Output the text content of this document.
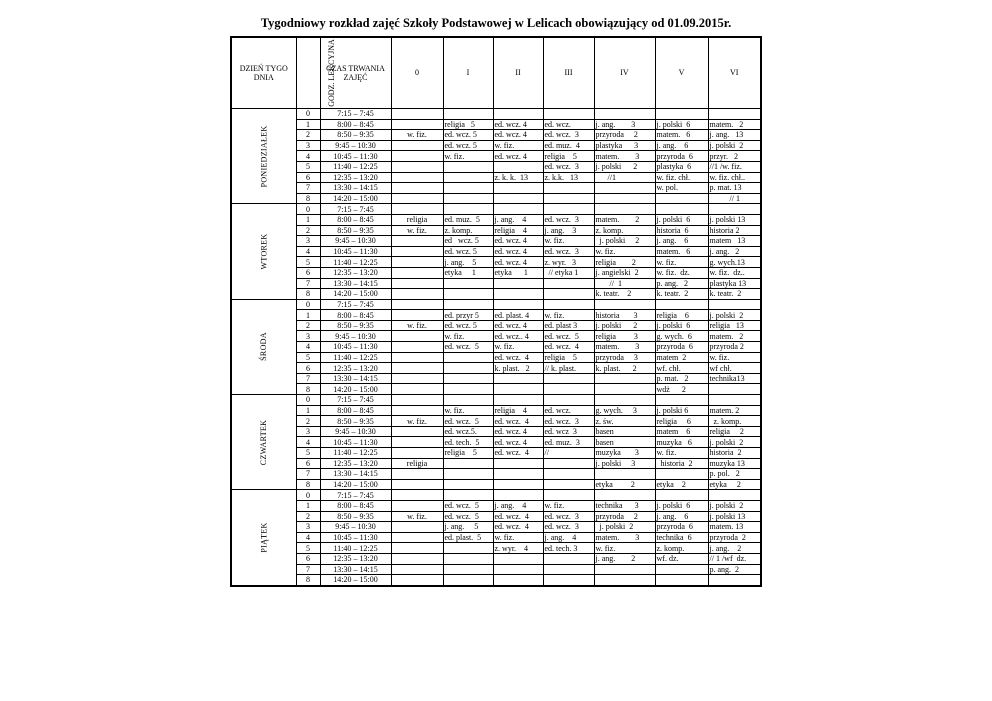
Tygodniowy rozkład zajęć Szkoły Podstawowej w Lelicach obowiązujący od 01.09.2015r.
DZIEŃ TYGO DNIA	GODZ. LEKCYJNA	CZAS TRWANIA ZAJĘĆ	0	I	II	III	IV	V	VI
PONIEDZIAŁEK	0	7:15 – 7:45							
	1	8:00 – 8:45		religia   5	ed. wcz. 4	ed. wcz.	j. ang.        3	j. polski  6	matem.   2
	2	8:50 – 9:35	w. fiz.	ed. wcz. 5	ed. wcz. 4	ed. wcz.  3	przyroda     2	matem.   6	j. ang.   13
	3	9:45 – 10:30		ed. wcz. 5	w. fiz.	ed. muz.  4	plastyka      3	j. ang.    6	j. polski  2
	4	10:45 – 11:30		w. fiz.	ed. wcz. 4	religia    5	matem.        3	przyroda  6	przyr.   2
	5	11:40 – 12:25				ed. wcz.  3	j. polski      2	plastyka  6	//1 /w. fiz.
	6	12:35 – 13:20			z. k. k.  13	z. k.k.   13	//1	w. fiz. chł.	w. fiz. chł..
	7	13:30 – 14:15						w. pol.	p. mat. 13
	8	14:20 – 15:00							// 1
WTOREK	0	7:15 – 7:45							
	1	8:00 – 8:45	religia	ed. muz.  5	j. ang.    4	ed. wcz.  3	matem.        2	j. polski  6	j. polski 13
	2	8:50 – 9:35	w. fiz.	z. komp.	religia    4	j. ang.    3	z. komp.	historia  6	historia 2
	3	9:45 – 10:30		ed   wcz. 5	ed. wcz. 4	w. fiz.	j. polski     2	j. ang.    6	matem   13
	4	10:45 – 11:30		ed. wcz. 5	ed. wcz. 4	ed. wcz.  3	w. fiz.	matem.   6	j. ang.   2
	5	11:40 – 12:25		j. ang.    5	ed. wcz. 4	z. wyr.   3	religia        2	w. fiz.	g. wych.13
	6	12:35 – 13:20		etyka     1	etyka      1	// etyka 1	j. angielski  2	w. fiz.  dz.	w. fiz.  dz..
	7	13:30 – 14:15					//  1	p. ang.   2	plastyka 13
	8	14:20 – 15:00					k. teatr.    2	k. teatr.  2	k. teatr.  2
ŚRODA	0	7:15 – 7:45							
	1	8:00 – 8:45		ed. przyr 5	ed. plast. 4	w. fiz.	historia       3	religia    6	j. polski  2
	2	8:50 – 9:35	w. fiz.	ed. wcz. 5	ed. wcz. 4	ed. plast 3	j. polski      2	j. polski  6	religia   13
	3	9:45 – 10:30		w. fiz.	ed. wcz.. 4	ed. wcz.  5	religia         3	g. wych.  6	matem.   2
	4	10:45 – 11:30		ed. wcz.  5	w. fiz.	ed. wcz.  4	matem.        3	przyroda  6	przyroda 2
	5	11:40 – 12:25			ed. wcz.  4	religia    5	przyroda     3	matem  2	w. fiz.
	6	12:35 – 13:20			k. plast.   2	// k. plast.	k. plast.      2	wf. chł.	wf chł.
	7	13:30 – 14:15						p. mat.   2	technika13
	8	14:20 – 15:00						wdż      2	
CZWARTEK	0	7:15 – 7:45							
	1	8:00 – 8:45		w. fiz.	religia    4	ed. wcz.	g. wych.     3	j. polski 6	matem. 2
	2	8:50 – 9:35	w. fiz.	ed. wcz.  5	ed. wcz.  4	ed. wcz.  3	z. św.	religia     6	z. komp.
	3	9:45 – 10:30		ed. wcz.5.	ed. wcz. 4	ed. wcz  3	basen	matem    6	religia     2
	4	10:45 – 11:30		ed. tech.  5	ed. wcz. 4	ed. muz.  3	basen	muzyka   6	j. polski  2
	5	11:40 – 12:25		religia    5	ed. wcz.  4	//	muzyka       3	w. fiz.	historia  2
	6	12:35 – 13:20	religia				j. polski     3	historia  2	muzyka 13
	7	13:30 – 14:15							p. pol.   2
	8	14:20 – 15:00					etyka         2	etyka    2	etyka     2
PIĄTEK	0	7:15 – 7:45							
	1	8:00 – 8:45		ed. wcz.  5	j. ang.    4	w. fiz.	technika      3	j. polski  6	j. polski  2
	2	8:50 – 9:35	w. fiz.	ed. wcz.  5	ed. wcz.  4	ed. wcz.  3	przyroda     2	j. ang.    6	j. polski 13
	3	9:45 – 10:30		j. ang.     5	ed. wcz.  4	ed. wcz.  3	j. polski  2	przyroda  6	matem. 13
	4	10:45 – 11:30		ed. plast.  5	w. fiz.	j. ang.    4	matem.        3	technika  6	przyroda  2
	5	11:40 – 12:25			z. wyr.    4	ed. tech. 3	w. fiz.	z. komp.	j. ang.    2
	6	12:35 – 13:20					j. ang.        2	wf. dz.	// 1 /wf  dz.
	7	13:30 – 14:15							p. ang.  2
	8	14:20 – 15:00							
